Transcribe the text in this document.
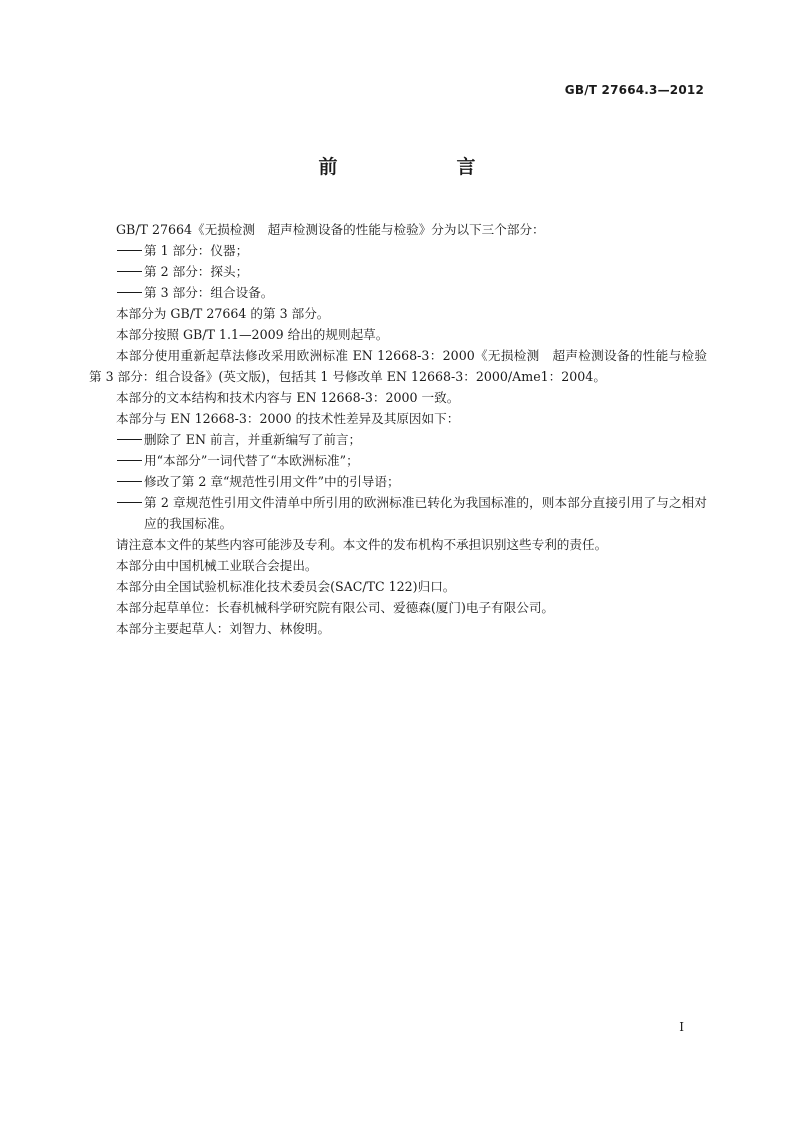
GB/T 27664.3—2012
前　言

GB/T 27664《无损检测　超声检测设备的性能与检验》分为以下三个部分：

第 1 部分：仪器；
第 2 部分：探头；
第 3 部分：组合设备。

本部分为 GB/T 27664 的第 3 部分。

本部分按照 GB/T 1.1—2009 给出的规则起草。

本部分使用重新起草法修改采用欧洲标准 EN 12668-3：2000《无损检测　超声检测设备的性能与检验　第 3 部分：组合设备》(英文版)，包括其 1 号修改单 EN 12668-3：2000/Ame1：2004。

本部分的文本结构和技术内容与 EN 12668-3：2000 一致。

本部分与 EN 12668-3：2000 的技术性差异及其原因如下：

删除了 EN 前言，并重新编写了前言；
用“本部分”一词代替了“本欧洲标准”；
修改了第 2 章“规范性引用文件”中的引导语；
第 2 章规范性引用文件清单中所引用的欧洲标准已转化为我国标准的，则本部分直接引用了与之相对应的我国标准。

请注意本文件的某些内容可能涉及专利。本文件的发布机构不承担识别这些专利的责任。

本部分由中国机械工业联合会提出。

本部分由全国试验机标准化技术委员会(SAC/TC 122)归口。

本部分起草单位：长春机械科学研究院有限公司、爱德森(厦门)电子有限公司。

本部分主要起草人：刘智力、林俊明。

I
